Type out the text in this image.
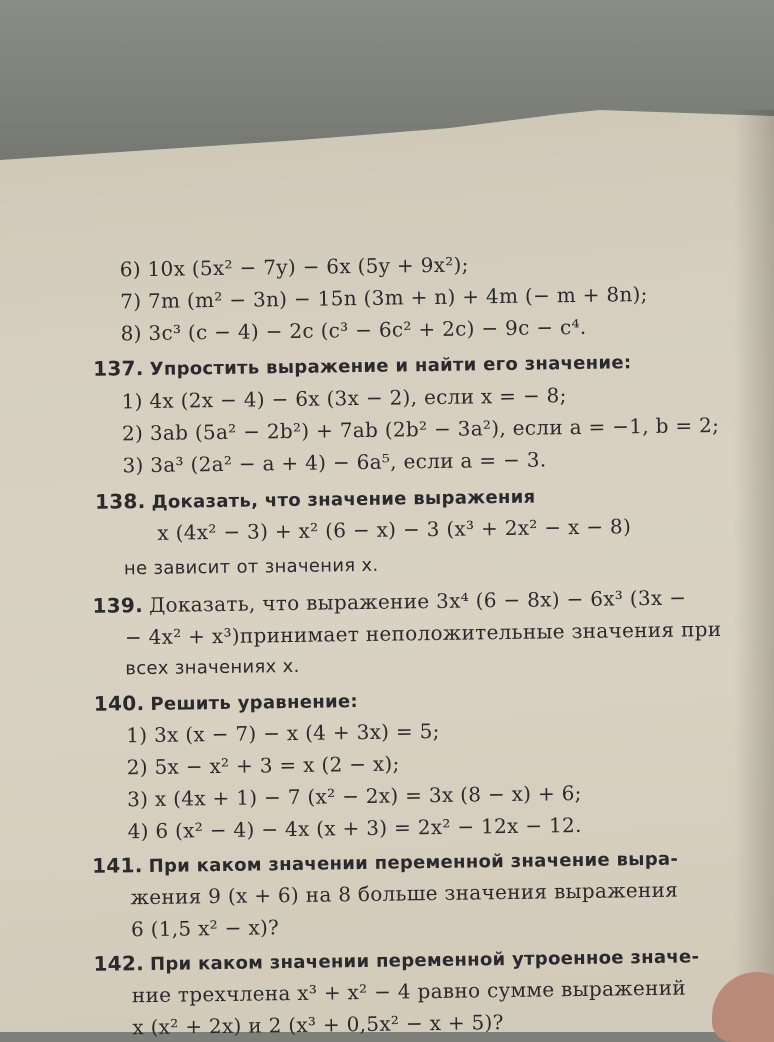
6) 10x (5x² − 7y) − 6x (5y + 9x²);
7) 7m (m² − 3n) − 15n (3m + n) + 4m (− m + 8n);
8) 3c³ (c − 4) − 2c (c³ − 6c² + 2c) − 9c − c⁴.
137. Упростить выражение и найти его значение:
1) 4x (2x − 4) − 6x (3x − 2), если x = − 8;
2) 3ab (5a² − 2b²) + 7ab (2b² − 3a²), если a = −1, b = 2;
3) 3a³ (2a² − a + 4) − 6a⁵, если a = − 3.
138. Доказать, что значение выражения
x (4x² − 3) + x² (6 − x) − 3 (x³ + 2x² − x − 8)
не зависит от значения x.
139. Доказать, что выражение 3x⁴ (6 − 8x) − 6x³ (3x −
− 4x² + x³)принимает неположительные значения при
всех значениях x.
140. Решить уравнение:
1) 3x (x − 7) − x (4 + 3x) = 5;
2) 5x − x² + 3 = x (2 − x);
3) x (4x + 1) − 7 (x² − 2x) = 3x (8 − x) + 6;
4) 6 (x² − 4) − 4x (x + 3) = 2x² − 12x − 12.
141. При каком значении переменной значение выра-
жения 9 (x + 6) на 8 больше значения выражения
6 (1,5 x² − x)?
142. При каком значении переменной утроенное значе-
ние трехчлена x³ + x² − 4 равно сумме выражений
x (x² + 2x) и 2 (x³ + 0,5x² − x + 5)?
